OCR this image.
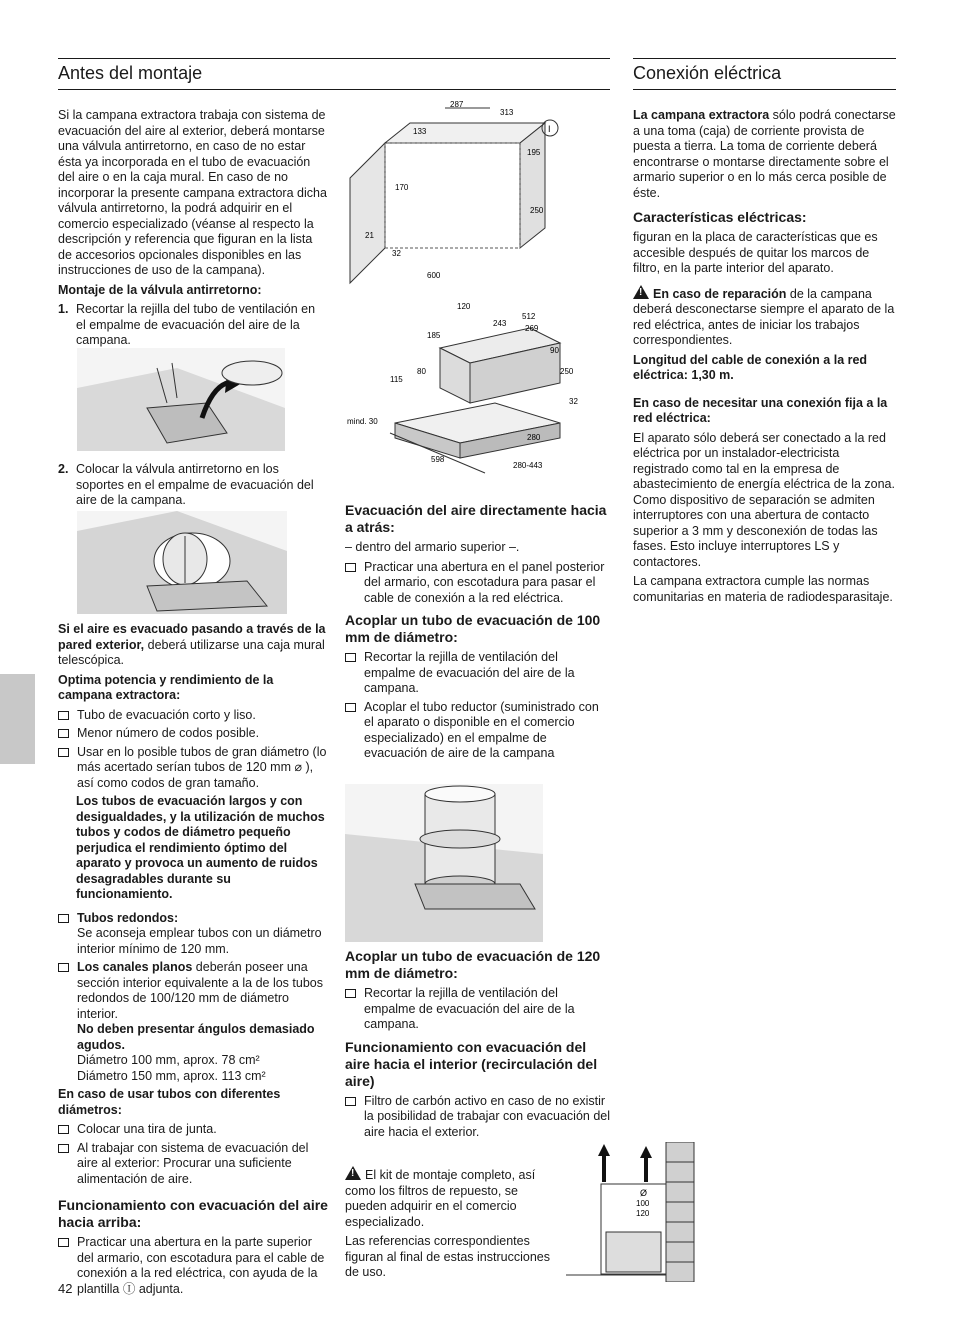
Antes del montaje	Conexión eléctrica

Si la campana extractora trabaja con sistema de evacuación del aire al exterior, deberá montarse una válvula antirretorno, en caso de no estar ésta ya incorporada en el tubo de evacuación del aire o en la caja mural. En caso de no incorporar la presente campana extractora dicha válvula antirretorno, la podrá adquirir en el comercio especializado (véanse al respecto la descripción y referencia que figuran en la lista de accesorios opcionales disponibles en las instrucciones de uso de la campana).

Montaje de la válvula antirretorno:

1. Recortar la rejilla del tubo de ventilación en el empalme de evacuación del aire de la campana.
2. Colocar la válvula antirretorno en los soportes en el empalme de evacuación del aire de la campana.

Si el aire es evacuado pasando a través de la pared exterior, deberá utilizarse una caja mural telescópica.

Optima potencia y rendimiento de la campana extractora:

Tubo de evacuación corto y liso.
Menor número de codos posible.
Usar en lo posible tubos de gran diámetro (lo más acertado serían tubos de 120 mm ⌀ ), así como codos de gran tamaño.

Los tubos de evacuación largos y con desigualdades, y la utilización de muchos tubos y codos de diámetro pequeño perjudica el rendimiento óptimo del aparato y provoca un aumento de ruidos desagradables durante su funcionamiento.

Tubos redondos:
Se aconseja emplear tubos con un diámetro interior mínimo de 120 mm.
Los canales planos deberán poseer una sección interior equivalente a la de los tubos redondos de 100/120 mm de diámetro interior.
No deben presentar ángulos demasiado agudos.
Diámetro 100 mm, aprox. 78 cm²
Diámetro 150 mm, aprox. 113 cm²

En caso de usar tubos con diferentes diámetros:

Colocar una tira de junta.
Al trabajar con sistema de evacuación del aire al exterior: Procurar una suficiente alimentación de aire.

Funcionamiento con evacuación del aire hacia arriba:

Practicar una abertura en la parte superior del armario, con escotadura para el cable de conexión a la red eléctrica, con ayuda de la plantilla Ⓘ adjunta.
287
313
133
195
170
250
21
32
600
I
120
512
243
269
185
90
80	250
115
32
mind. 30
280
598
280-443

Evacuación del aire directamente hacia a atrás:

– dentro del armario superior –.

Practicar una abertura en el panel posterior del armario, con escotadura para pasar el cable de conexión a la red eléctrica.

Acoplar un tubo de evacuación de 100 mm de diámetro:

Recortar la rejilla de ventilación del empalme de evacuación del aire de la campana.
Acoplar el tubo reductor (suministrado con el aparato o disponible en el comercio especializado) en el empalme de evacuación de aire de la campana

Acoplar un tubo de evacuación de 120 mm de diámetro:

Recortar la rejilla de ventilación del empalme de evacuación del aire de la campana.

Funcionamiento con evacuación del aire hacia el interior (recirculación del aire)

Filtro de carbón activo en caso de no existir la posibilidad de trabajar con evacuación del aire hacia el exterior.

!El kit de montaje completo, así como los filtros de repuesto, se pueden adquirir en el comercio especializado.

Las referencias correspondientes figuran al final de estas instrucciones de uso.

Ø
100
120

La campana extractora sólo podrá conectarse a una toma (caja) de corriente provista de puesta a tierra. La toma de corriente deberá encontrarse o montarse directamente sobre el armario superior o en lo más cerca posible de éste.

Características eléctricas:

figuran en la placa de características que es accesible después de quitar los marcos de filtro, en la parte interior del aparato.

!En caso de reparación de la campana deberá desconectarse siempre el aparato de la red eléctrica, antes de iniciar los trabajos correspondientes.

Longitud del cable de conexión a la red eléctrica: 1,30 m.

En caso de necesitar una conexión fija a la red eléctrica:

El aparato sólo deberá ser conectado a la red eléctrica por un instalador-electricista registrado como tal en la empresa de abastecimiento de energía eléctrica de la zona. Como dispositivo de separación se admiten interruptores con una abertura de contacto superior a 3 mm y desconexión de todas las fases. Esto incluye interruptores LS y contactores.

La campana extractora cumple las normas comunitarias en materia de radiodesparasitaje.

42
